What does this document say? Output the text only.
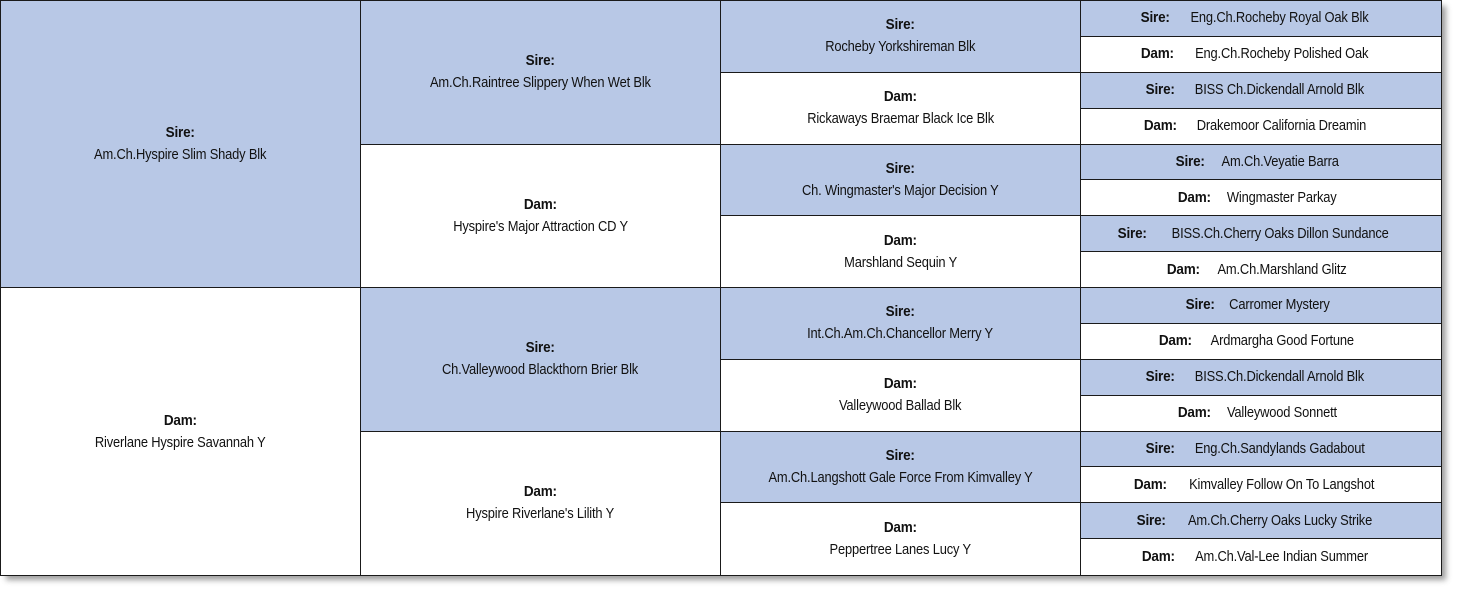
Sire:
Am.Ch.Hyspire Slim Shady Blk
Dam:
Riverlane Hyspire Savannah Y
Sire:
Am.Ch.Raintree Slippery When Wet Blk
Dam:
Hyspire's Major Attraction CD Y
Sire:
Ch.Valleywood Blackthorn Brier Blk
Dam:
Hyspire Riverlane's Lilith Y
Sire:
Rocheby Yorkshireman Blk
Dam:
Rickaways Braemar Black Ice Blk
Sire:
Ch. Wingmaster's Major Decision Y
Dam:
Marshland Sequin Y
Sire:
Int.Ch.Am.Ch.Chancellor Merry Y
Dam:
Valleywood Ballad Blk
Sire:
Am.Ch.Langshott Gale Force From Kimvalley Y
Dam:
Peppertree Lanes Lucy Y
Sire: Eng.Ch.Rocheby Royal Oak Blk
Dam: Eng.Ch.Rocheby Polished Oak
Sire: BISS Ch.Dickendall Arnold Blk
Dam: Drakemoor California Dreamin
Sire: Am.Ch.Veyatie Barra
Dam: Wingmaster Parkay
Sire: BISS.Ch.Cherry Oaks Dillon Sundance
Dam: Am.Ch.Marshland Glitz
Sire: Carromer Mystery
Dam: Ardmargha Good Fortune
Sire: BISS.Ch.Dickendall Arnold Blk
Dam: Valleywood Sonnett
Sire: Eng.Ch.Sandylands Gadabout
Dam: Kimvalley Follow On To Langshot
Sire: Am.Ch.Cherry Oaks Lucky Strike
Dam: Am.Ch.Val-Lee Indian Summer
